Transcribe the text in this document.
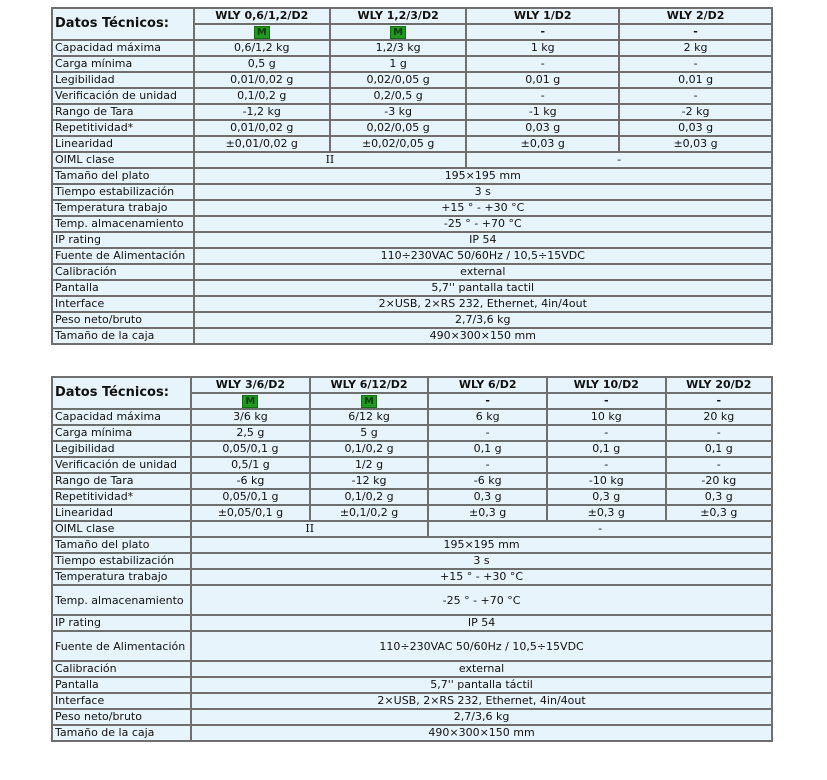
Datos Técnicos:	WLY 0,6/1,2/D2	WLY 1,2/3/D2	WLY 1/D2	WLY 2/D2
	M	M	-	-
Capacidad máxima	0,6/1,2 kg	1,2/3 kg	1 kg	2 kg
Carga mínima	0,5 g	1 g	-	-
Legibilidad	0,01/0,02 g	0,02/0,05 g	0,01 g	0,01 g
Verificación de unidad	0,1/0,2 g	0,2/0,5 g	-	-
Rango de Tara	-1,2 kg	-3 kg	-1 kg	-2 kg
Repetitividad*	0,01/0,02 g	0,02/0,05 g	0,03 g	0,03 g
Linearidad	±0,01/0,02 g	±0,02/0,05 g	±0,03 g	±0,03 g
OIML clase	II		-	
Tamaño del plato	195×195 mm			
Tiempo estabilización	3 s			
Temperatura trabajo	+15 ° - +30 °C			
Temp. almacenamiento	-25 ° - +70 °C			
IP rating	IP 54			
Fuente de Alimentación	110÷230VAC 50/60Hz / 10,5÷15VDC			
Calibración	external			
Pantalla	5,7'' pantalla tactil			
Interface	2×USB, 2×RS 232, Ethernet, 4in/4out			
Peso neto/bruto	2,7/3,6 kg			
Tamaño de la caja	490×300×150 mm			
Datos Técnicos:	WLY 3/6/D2	WLY 6/12/D2	WLY 6/D2	WLY 10/D2	WLY 20/D2
	M	M	-	-	-
Capacidad máxima	3/6 kg	6/12 kg	6 kg	10 kg	20 kg
Carga mínima	2,5 g	5 g	-	-	-
Legibilidad	0,05/0,1 g	0,1/0,2 g	0,1 g	0,1 g	0,1 g
Verificación de unidad	0,5/1 g	1/2 g	-	-	-
Rango de Tara	-6 kg	-12 kg	-6 kg	-10 kg	-20 kg
Repetitividad*	0,05/0,1 g	0,1/0,2 g	0,3 g	0,3 g	0,3 g
Linearidad	±0,05/0,1 g	±0,1/0,2 g	±0,3 g	±0,3 g	±0,3 g
OIML clase	II		-		
Tamaño del plato	195×195 mm				
Tiempo estabilización	3 s				
Temperatura trabajo	+15 ° - +30 °C				
Temp. almacenamiento	-25 ° - +70 °C				
IP rating	IP 54				
Fuente de Alimentación	110÷230VAC 50/60Hz / 10,5÷15VDC				
Calibración	external				
Pantalla	5,7'' pantalla táctil				
Interface	2×USB, 2×RS 232, Ethernet, 4in/4out				
Peso neto/bruto	2,7/3,6 kg				
Tamaño de la caja	490×300×150 mm				
